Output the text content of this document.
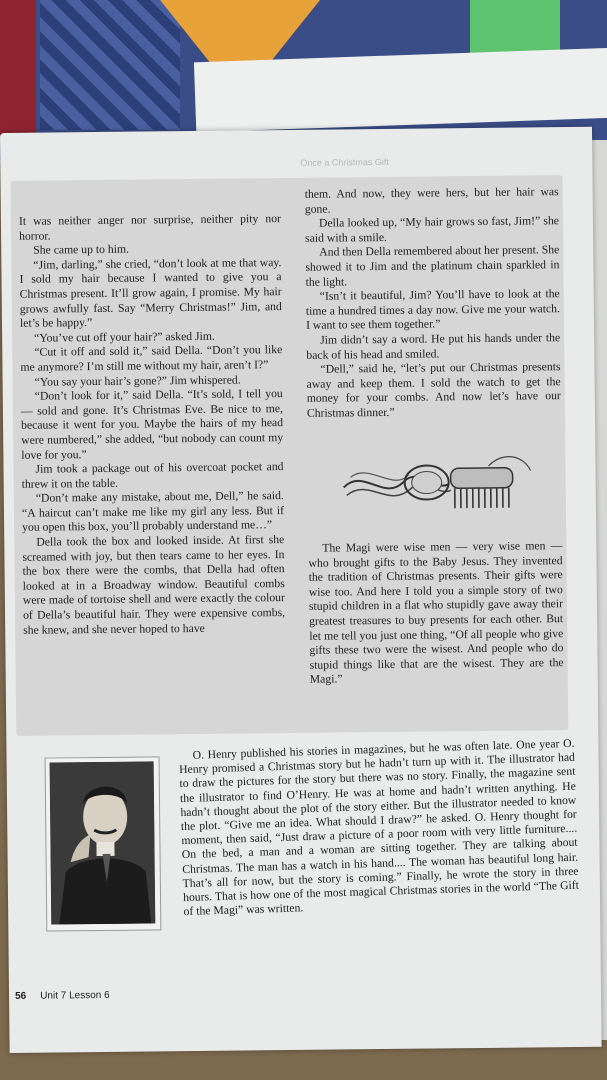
Once a Christmas Gift

It was neither anger nor surprise, neither pity nor horror.

She came up to him.

“Jim, darling,” she cried, “don’t look at me that way. I sold my hair because I wanted to give you a Christmas present. It’ll grow again, I promise. My hair grows awfully fast. Say “Merry Christmas!” Jim, and let’s be happy.”

“You’ve cut off your hair?” asked Jim.

“Cut it off and sold it,” said Della. “Don’t you like me anymore? I’m still me without my hair, aren’t I?”

“You say your hair’s gone?” Jim whispered.

“Don’t look for it,” said Della. “It’s sold, I tell you — sold and gone. It’s Christmas Eve. Be nice to me, because it went for you. Maybe the hairs of my head were numbered,” she added, “but nobody can count my love for you.”

Jim took a package out of his overcoat pocket and threw it on the table.

“Don’t make any mistake, about me, Dell,” he said. “A haircut can’t make me like my girl any less. But if you open this box, you’ll probably understand me…”

Della took the box and looked inside. At first she screamed with joy, but then tears came to her eyes. In the box there were the combs, that Della had often looked at in a Broadway window. Beautiful combs were made of tortoise shell and were exactly the colour of Della’s beautiful hair. They were expensive combs, she knew, and she never hoped to have

them. And now, they were hers, but her hair was gone.

Della looked up, “My hair grows so fast, Jim!” she said with a smile.

And then Della remembered about her present. She showed it to Jim and the platinum chain sparkled in the light.

“Isn’t it beautiful, Jim? You’ll have to look at the time a hundred times a day now. Give me your watch. I want to see them together.”

Jim didn’t say a word. He put his hands under the back of his head and smiled.

“Dell,” said he, “let’s put our Christmas presents away and keep them. I sold the watch to get the money for your combs. And now let’s have our Christmas dinner.”

The Magi were wise men — very wise men — who brought gifts to the Baby Jesus. They invented the tradition of Christmas presents. Their gifts were wise too. And here I told you a simple story of two stupid children in a flat who stupidly gave away their greatest treasures to buy presents for each other. But let me tell you just one thing, “Of all people who give gifts these two were the wisest. And people who do stupid things like that are the wisest. They are the Magi.”

O. Henry published his stories in magazines, but he was often late. One year O. Henry promised a Christmas story but he hadn’t turn up with it. The illustrator had to draw the pictures for the story but there was no story. Finally, the magazine sent the illustrator to find O’Henry. He was at home and hadn’t written anything. He hadn’t thought about the plot of the story either. But the illustrator needed to know the plot. “Give me an idea. What should I draw?” he asked. O. Henry thought for moment, then said, “Just draw a picture of a poor room with very little furniture.... On the bed, a man and a woman are sitting together. They are talking about Christmas. The man has a watch in his hand.... The woman has beautiful long hair. That’s all for now, but the story is coming.” Finally, he wrote the story in three hours. That is how one of the most magical Christmas stories in the world “The Gift of the Magi” was written.

56 Unit 7 Lesson 6
